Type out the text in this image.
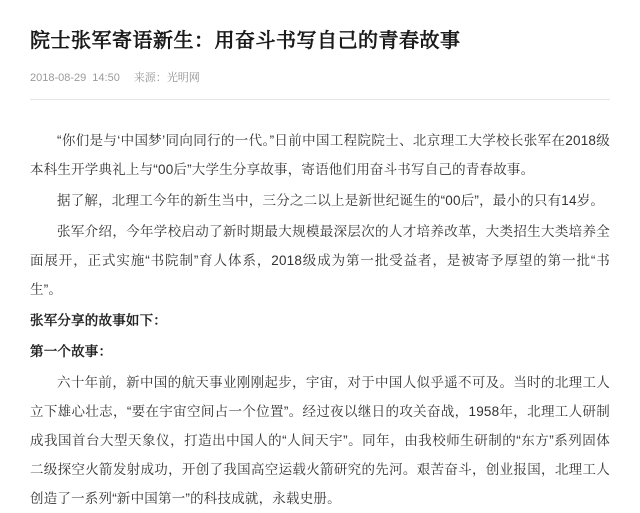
院士张军寄语新生：用奋斗书写自己的青春故事
2018-08-29 14:50 来源： 光明网

“你们是与‘中国梦’同向同行的一代。”日前中国工程院院士、北京理工大学校长张军在2018级本科生开学典礼上与“00后”大学生分享故事，寄语他们用奋斗书写自己的青春故事。

据了解，北理工今年的新生当中，三分之二以上是新世纪诞生的“00后”，最小的只有14岁。

张军介绍，今年学校启动了新时期最大规模最深层次的人才培养改革，大类招生大类培养全面展开，正式实施“书院制”育人体系，2018级成为第一批受益者，是被寄予厚望的第一批“书生”。

张军分享的故事如下：

第一个故事：

六十年前，新中国的航天事业刚刚起步，宇宙，对于中国人似乎遥不可及。当时的北理工人立下雄心壮志，“要在宇宙空间占一个位置”。经过夜以继日的攻关奋战，1958年，北理工人研制成我国首台大型天象仪，打造出中国人的“人间天宇”。同年，由我校师生研制的“东方”系列固体二级探空火箭发射成功，开创了我国高空运载火箭研究的先河。艰苦奋斗，创业报国，北理工人创造了一系列“新中国第一”的科技成就，永载史册。
